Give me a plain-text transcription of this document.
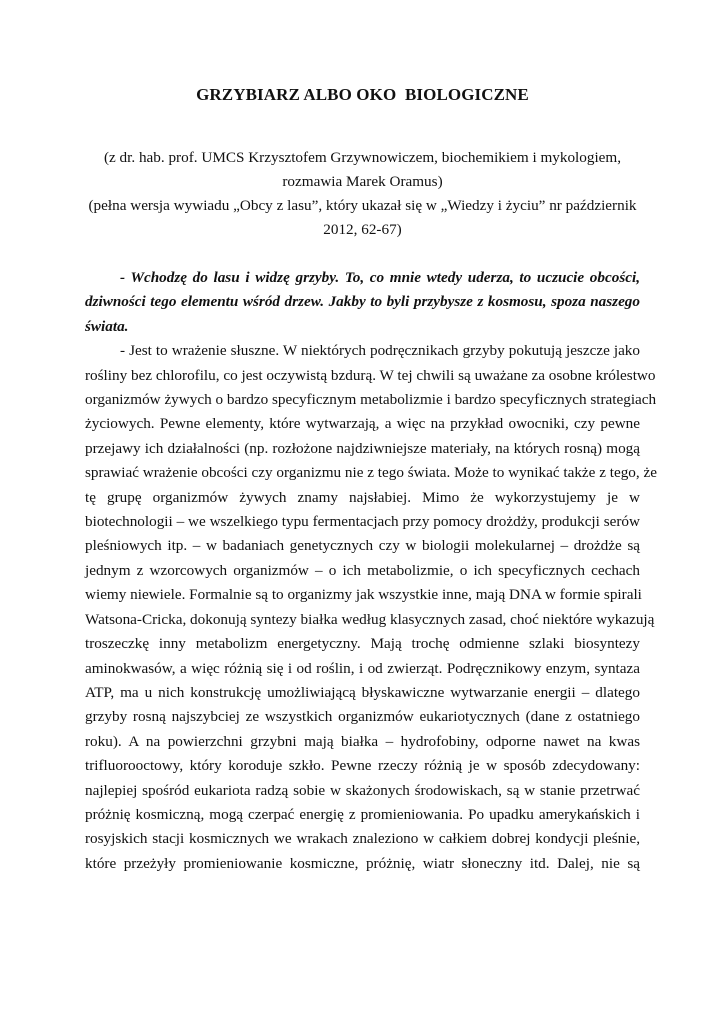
GRZYBIARZ ALBO OKO  BIOLOGICZNE
(z dr. hab. prof. UMCS Krzysztofem Grzywnowiczem, biochemikiem i mykologiem,
rozmawia Marek Oramus)
(pełna wersja wywiadu „Obcy z lasu”, który ukazał się w „Wiedzy i życiu” nr październik
2012, 62-67)
- Wchodzę do lasu i widzę grzyby. To, co mnie wtedy uderza, to uczucie obcości,
dziwności tego elementu wśród drzew. Jakby to byli przybysze z kosmosu, spoza naszego
świata.
- Jest to wrażenie słuszne. W niektórych podręcznikach grzyby pokutują jeszcze jako
rośliny bez chlorofilu, co jest oczywistą bzdurą. W tej chwili są uważane za osobne królestwo
organizmów żywych o bardzo specyficznym metabolizmie i bardzo specyficznych strategiach
życiowych. Pewne elementy, które wytwarzają, a więc na przykład owocniki, czy pewne
przejawy ich działalności (np. rozłożone najdziwniejsze materiały, na których rosną) mogą
sprawiać wrażenie obcości czy organizmu nie z tego świata. Może to wynikać także z tego, że
tę grupę organizmów żywych znamy najsłabiej. Mimo że wykorzystujemy je w
biotechnologii – we wszelkiego typu fermentacjach przy pomocy drożdży, produkcji serów
pleśniowych itp. – w badaniach genetycznych czy w biologii molekularnej – drożdże są
jednym z wzorcowych organizmów – o ich metabolizmie, o ich specyficznych cechach
wiemy niewiele. Formalnie są to organizmy jak wszystkie inne, mają DNA w formie spirali
Watsona-Cricka, dokonują syntezy białka według klasycznych zasad, choć niektóre wykazują
troszeczkę inny metabolizm energetyczny. Mają trochę odmienne szlaki biosyntezy
aminokwasów, a więc różnią się i od roślin, i od zwierząt. Podręcznikowy enzym, syntaza
ATP, ma u nich konstrukcję umożliwiającą błyskawiczne wytwarzanie energii – dlatego
grzyby rosną najszybciej ze wszystkich organizmów eukariotycznych (dane z ostatniego
roku). A na powierzchni grzybni mają białka – hydrofobiny, odporne nawet na kwas
trifluorooctowy, który koroduje szkło. Pewne rzeczy różnią je w sposób zdecydowany:
najlepiej spośród eukariota radzą sobie w skażonych środowiskach, są w stanie przetrwać
próżnię kosmiczną, mogą czerpać energię z promieniowania. Po upadku amerykańskich i
rosyjskich stacji kosmicznych we wrakach znaleziono w całkiem dobrej kondycji pleśnie,
które przeżyły promieniowanie kosmiczne, próżnię, wiatr słoneczny itd. Dalej, nie są
